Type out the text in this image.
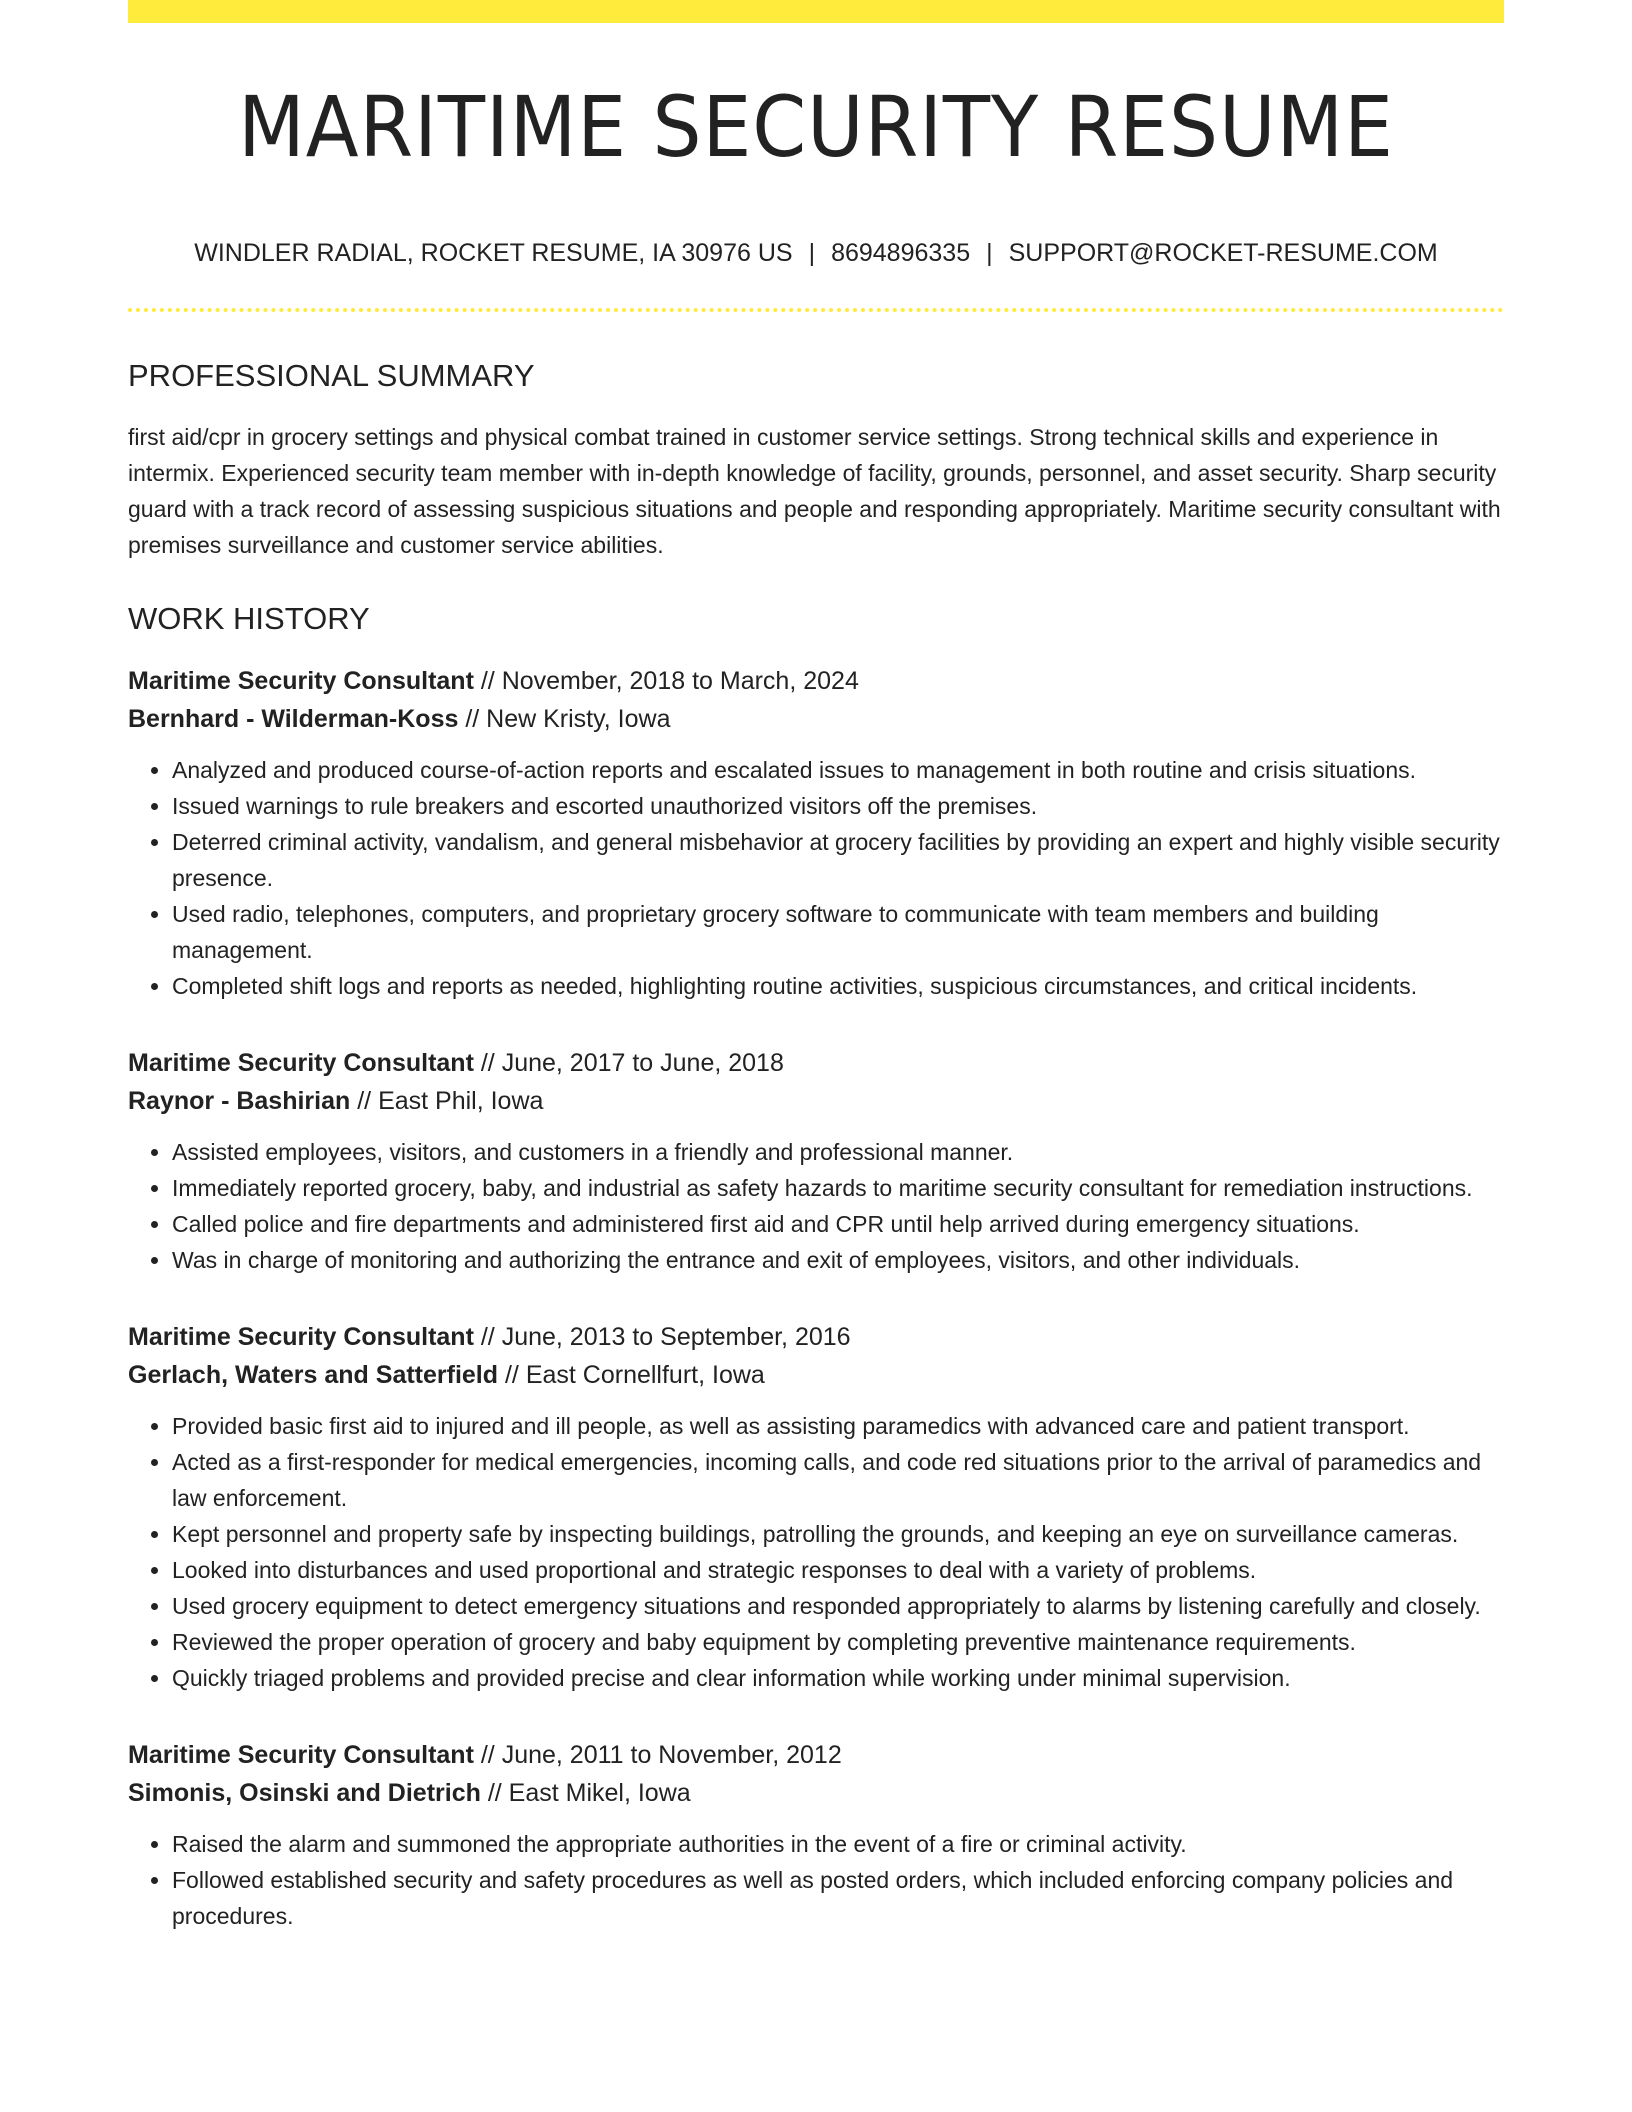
MARITIME SECURITY RESUME
WINDLER RADIAL, ROCKET RESUME, IA 30976 US | 8694896335 | SUPPORT@ROCKET-RESUME.COM
PROFESSIONAL SUMMARY

first aid/cpr in grocery settings and physical combat trained in customer service settings. Strong technical skills and experience in intermix. Experienced security team member with in-depth knowledge of facility, grounds, personnel, and asset security. Sharp security guard with a track record of assessing suspicious situations and people and responding appropriately. Maritime security consultant with premises surveillance and customer service abilities.

WORK HISTORY
Maritime Security Consultant // November, 2018 to March, 2024
Bernhard - Wilderman-Koss // New Kristy, Iowa
• Analyzed and produced course-of-action reports and escalated issues to management in both routine and crisis situations.
• Issued warnings to rule breakers and escorted unauthorized visitors off the premises.
• Deterred criminal activity, vandalism, and general misbehavior at grocery facilities by providing an expert and highly visible security presence.
• Used radio, telephones, computers, and proprietary grocery software to communicate with team members and building management.
• Completed shift logs and reports as needed, highlighting routine activities, suspicious circumstances, and critical incidents.
Maritime Security Consultant // June, 2017 to June, 2018
Raynor - Bashirian // East Phil, Iowa
• Assisted employees, visitors, and customers in a friendly and professional manner.
• Immediately reported grocery, baby, and industrial as safety hazards to maritime security consultant for remediation instructions.
• Called police and fire departments and administered first aid and CPR until help arrived during emergency situations.
• Was in charge of monitoring and authorizing the entrance and exit of employees, visitors, and other individuals.
Maritime Security Consultant // June, 2013 to September, 2016
Gerlach, Waters and Satterfield // East Cornellfurt, Iowa
• Provided basic first aid to injured and ill people, as well as assisting paramedics with advanced care and patient transport.
• Acted as a first-responder for medical emergencies, incoming calls, and code red situations prior to the arrival of paramedics and law enforcement.
• Kept personnel and property safe by inspecting buildings, patrolling the grounds, and keeping an eye on surveillance cameras.
• Looked into disturbances and used proportional and strategic responses to deal with a variety of problems.
• Used grocery equipment to detect emergency situations and responded appropriately to alarms by listening carefully and closely.
• Reviewed the proper operation of grocery and baby equipment by completing preventive maintenance requirements.
• Quickly triaged problems and provided precise and clear information while working under minimal supervision.
Maritime Security Consultant // June, 2011 to November, 2012
Simonis, Osinski and Dietrich // East Mikel, Iowa
• Raised the alarm and summoned the appropriate authorities in the event of a fire or criminal activity.
• Followed established security and safety procedures as well as posted orders, which included enforcing company policies and procedures.
